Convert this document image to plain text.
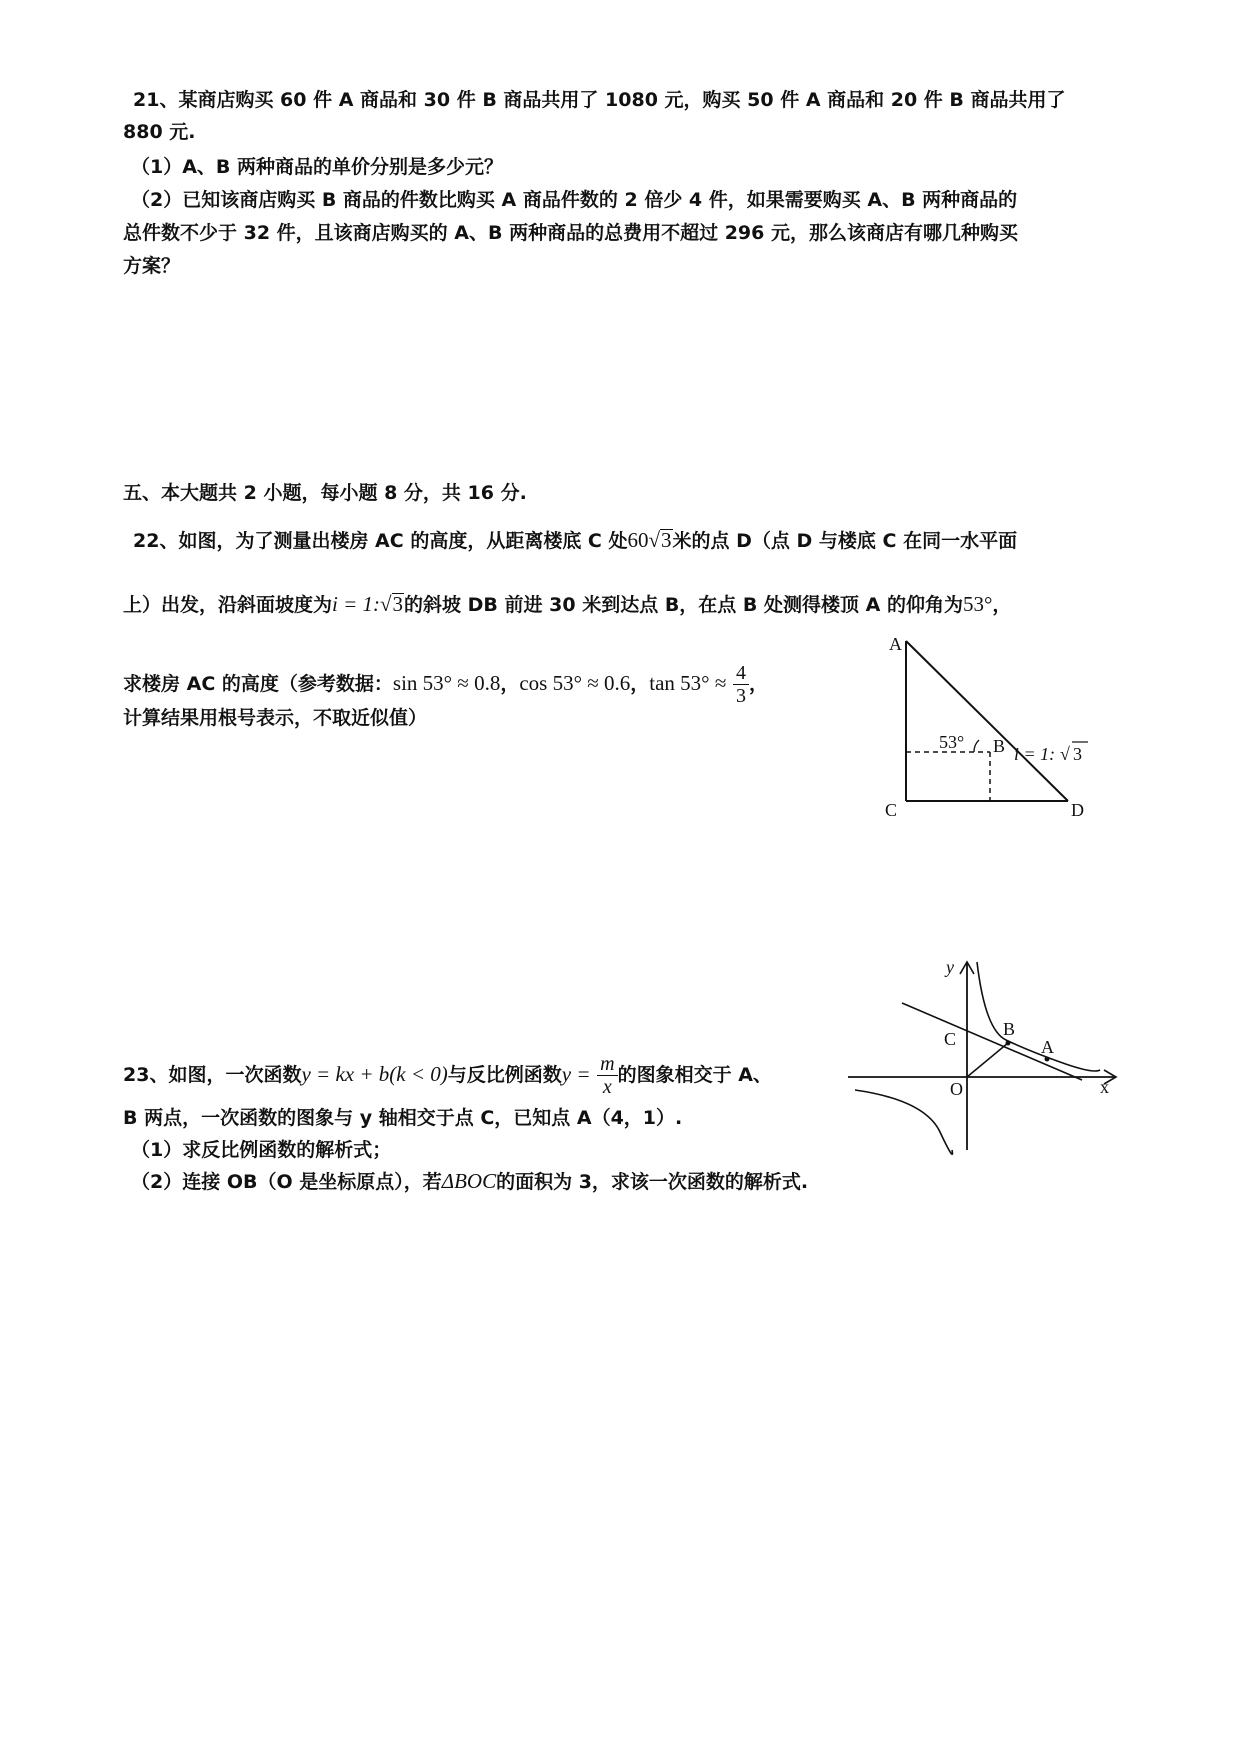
21、某商店购买 60 件 A 商品和 30 件 B 商品共用了 1080 元，购买 50 件 A 商品和 20 件 B 商品共用了
880 元.
（1）A、B 两种商品的单价分别是多少元？
（2）已知该商店购买 B 商品的件数比购买 A 商品件数的 2 倍少 4 件，如果需要购买 A、B 两种商品的
总件数不少于 32 件，且该商店购买的 A、B 两种商品的总费用不超过 296 元，那么该商店有哪几种购买
方案？
五、本大题共 2 小题，每小题 8 分，共 16 分.
22、如图，为了测量出楼房 AC 的高度，从距离楼底 C 处60√3米的点 D（点 D 与楼底 C 在同一水平面
上）出发，沿斜面坡度为i = 1:√3的斜坡 DB 前进 30 米到达点 B，在点 B 处测得楼顶 A 的仰角为53°，
求楼房 AC 的高度（参考数据：sin 53° ≈ 0.8，cos 53° ≈ 0.6，$\tan 53^\circ \approx \frac{4}{3}$ ，
计算结果用根号表示，不取近似值）
A
B
C	D
53°
i = 1: √ 3
23、如图，一次函数y = kx + b(k < 0)与反比例函数$y = \frac{m}{x}$ 的图象相交于 A、
B 两点，一次函数的图象与 y 轴相交于点 C，已知点 A（4，1）.
（1）求反比例函数的解析式；
（2）连接 OB（O 是坐标原点），若ΔBOC的面积为 3，求该一次函数的解析式.
y
x
C	B
A
O
